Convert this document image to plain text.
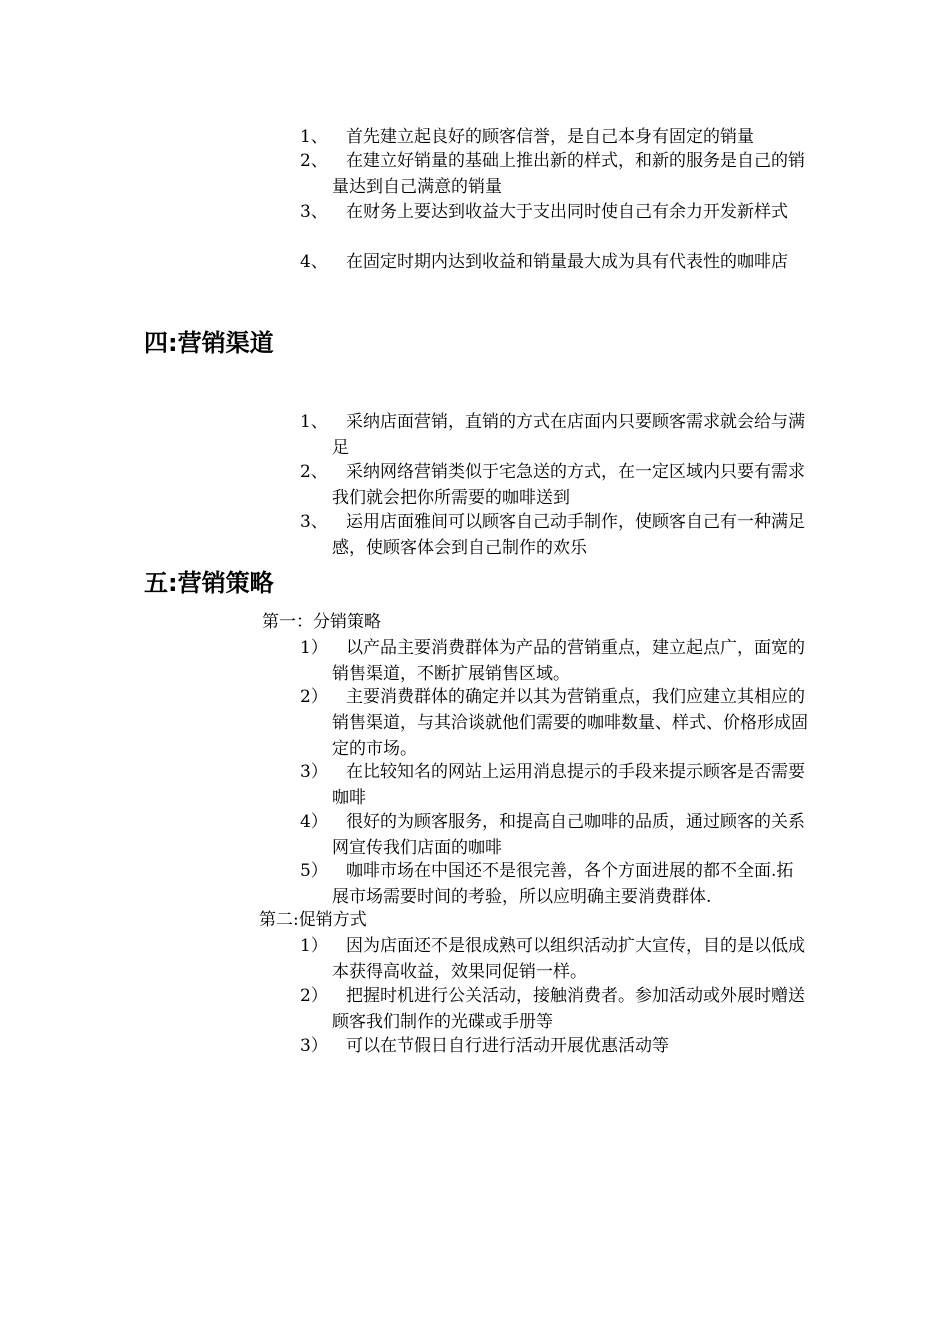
1、	首先建立起良好的顾客信誉，是自己本身有固定的销量
2、	在建立好销量的基础上推出新的样式，和新的服务是自己的销量达到自己满意的销量
3、	在财务上要达到收益大于支出同时使自己有余力开发新样式
4、	在固定时期内达到收益和销量最大成为具有代表性的咖啡店
四:营销渠道
1、	采纳店面营销，直销的方式在店面内只要顾客需求就会给与满足
2、	采纳网络营销类似于宅急送的方式，在一定区域内只要有需求我们就会把你所需要的咖啡送到
3、	运用店面雅间可以顾客自己动手制作，使顾客自己有一种满足感，使顾客体会到自己制作的欢乐
五:营销策略
第一：分销策略
1）	以产品主要消费群体为产品的营销重点，建立起点广，面宽的销售渠道，不断扩展销售区域。
2）	主要消费群体的确定并以其为营销重点，我们应建立其相应的销售渠道，与其洽谈就他们需要的咖啡数量、样式、价格形成固定的市场。
3）	在比较知名的网站上运用消息提示的手段来提示顾客是否需要咖啡
4）	很好的为顾客服务，和提高自己咖啡的品质，通过顾客的关系网宣传我们店面的咖啡
5）	咖啡市场在中国还不是很完善，各个方面进展的都不全面.拓展市场需要时间的考验，所以应明确主要消费群体.
第二:促销方式
1）	因为店面还不是很成熟可以组织活动扩大宣传，目的是以低成本获得高收益，效果同促销一样。
2）	把握时机进行公关活动，接触消费者。参加活动或外展时赠送顾客我们制作的光碟或手册等
3）	可以在节假日自行进行活动开展优惠活动等
